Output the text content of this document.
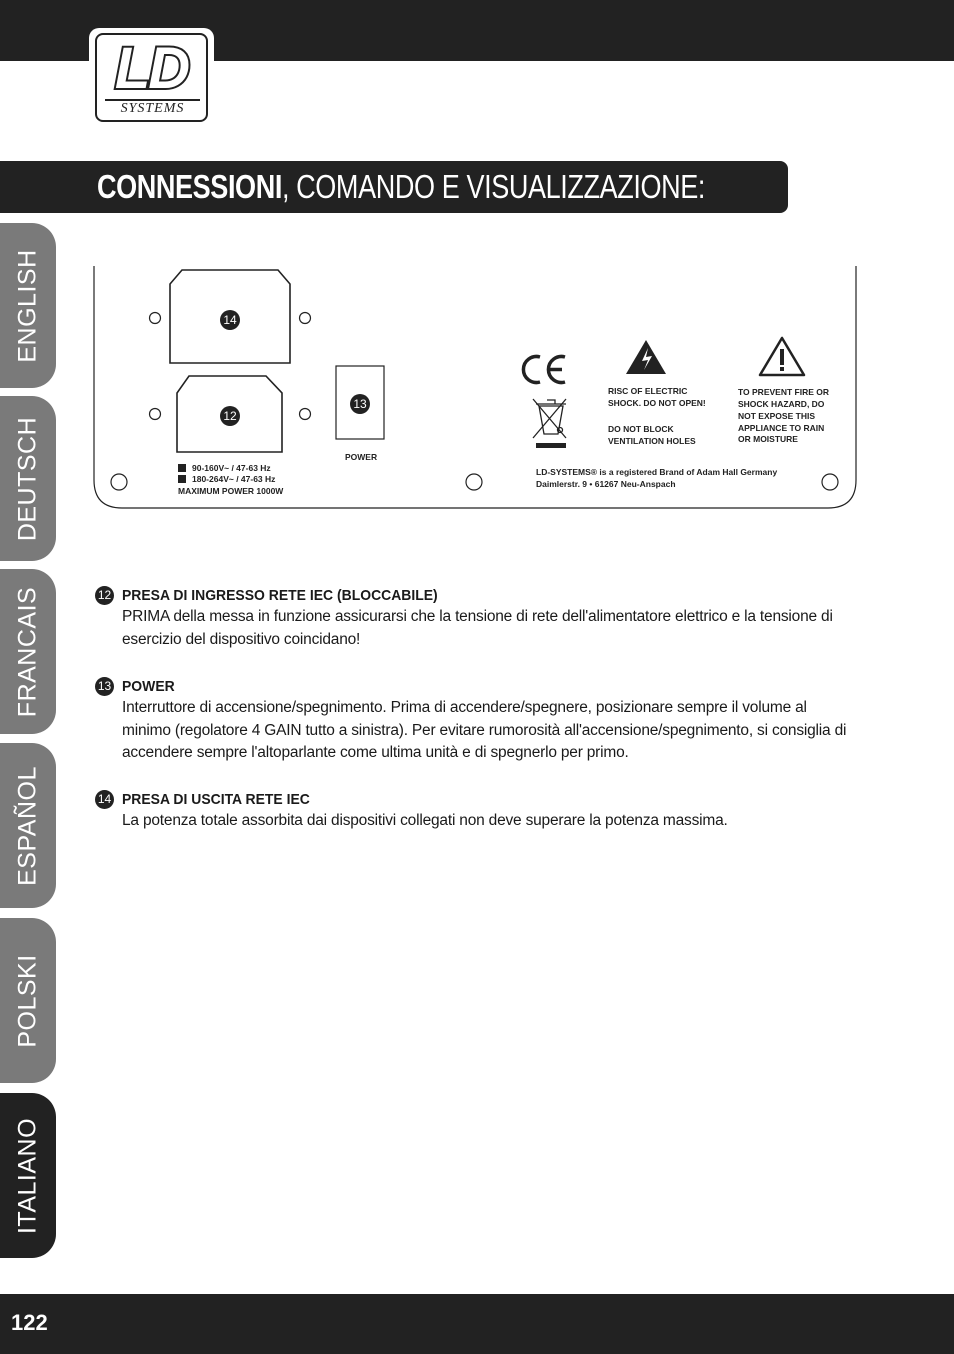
LD
SYSTEMS
CONNESSIONI, COMANDO E VISUALIZZAZIONE:
ENGLISH
DEUTSCH
FRANCAIS
ESPAÑOL
POLSKI
ITALIANO
14
12
13
POWER
90-160V~ / 47-63 Hz
180-264V~ / 47-63 Hz
MAXIMUM POWER 1000W
RISC OF ELECTRIC
SHOCK. DO NOT OPEN!
DO NOT BLOCK
VENTILATION HOLES
TO PREVENT FIRE OR
SHOCK HAZARD, DO
NOT EXPOSE THIS
APPLIANCE TO RAIN
OR MOISTURE
LD-SYSTEMS® is a registered Brand of Adam Hall Germany
Daimlerstr. 9 • 61267 Neu-Anspach
12 PRESA DI INGRESSO RETE IEC (BLOCCABILE)
PRIMA della messa in funzione assicurarsi che la tensione di rete dell'alimentatore elettrico e la tensione di esercizio del dispositivo coincidano!
13 POWER
Interruttore di accensione/spegnimento. Prima di accendere/spegnere, posizionare sempre il volume al minimo (regolatore 4 GAIN tutto a sinistra). Per evitare rumorosità all'accensione/spegnimento, si consiglia di accendere sempre l'altoparlante come ultima unità e di spegnerlo per primo.
14 PRESA DI USCITA RETE IEC
La potenza totale assorbita dai dispositivi collegati non deve superare la potenza massima.
122
